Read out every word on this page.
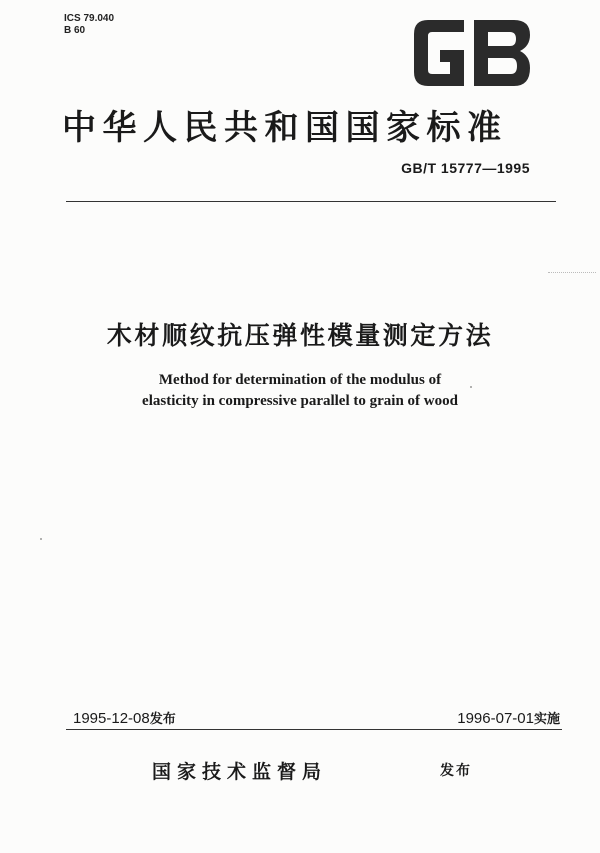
ICS 79.040
B 60
GB
中华人民共和国国家标准
GB/T 15777—1995
木材顺纹抗压弹性模量测定方法
Method for determination of the modulus of
elasticity in compressive parallel to grain of wood
1995-12-08发布	1996-07-01实施
国家技术监督局	发布
